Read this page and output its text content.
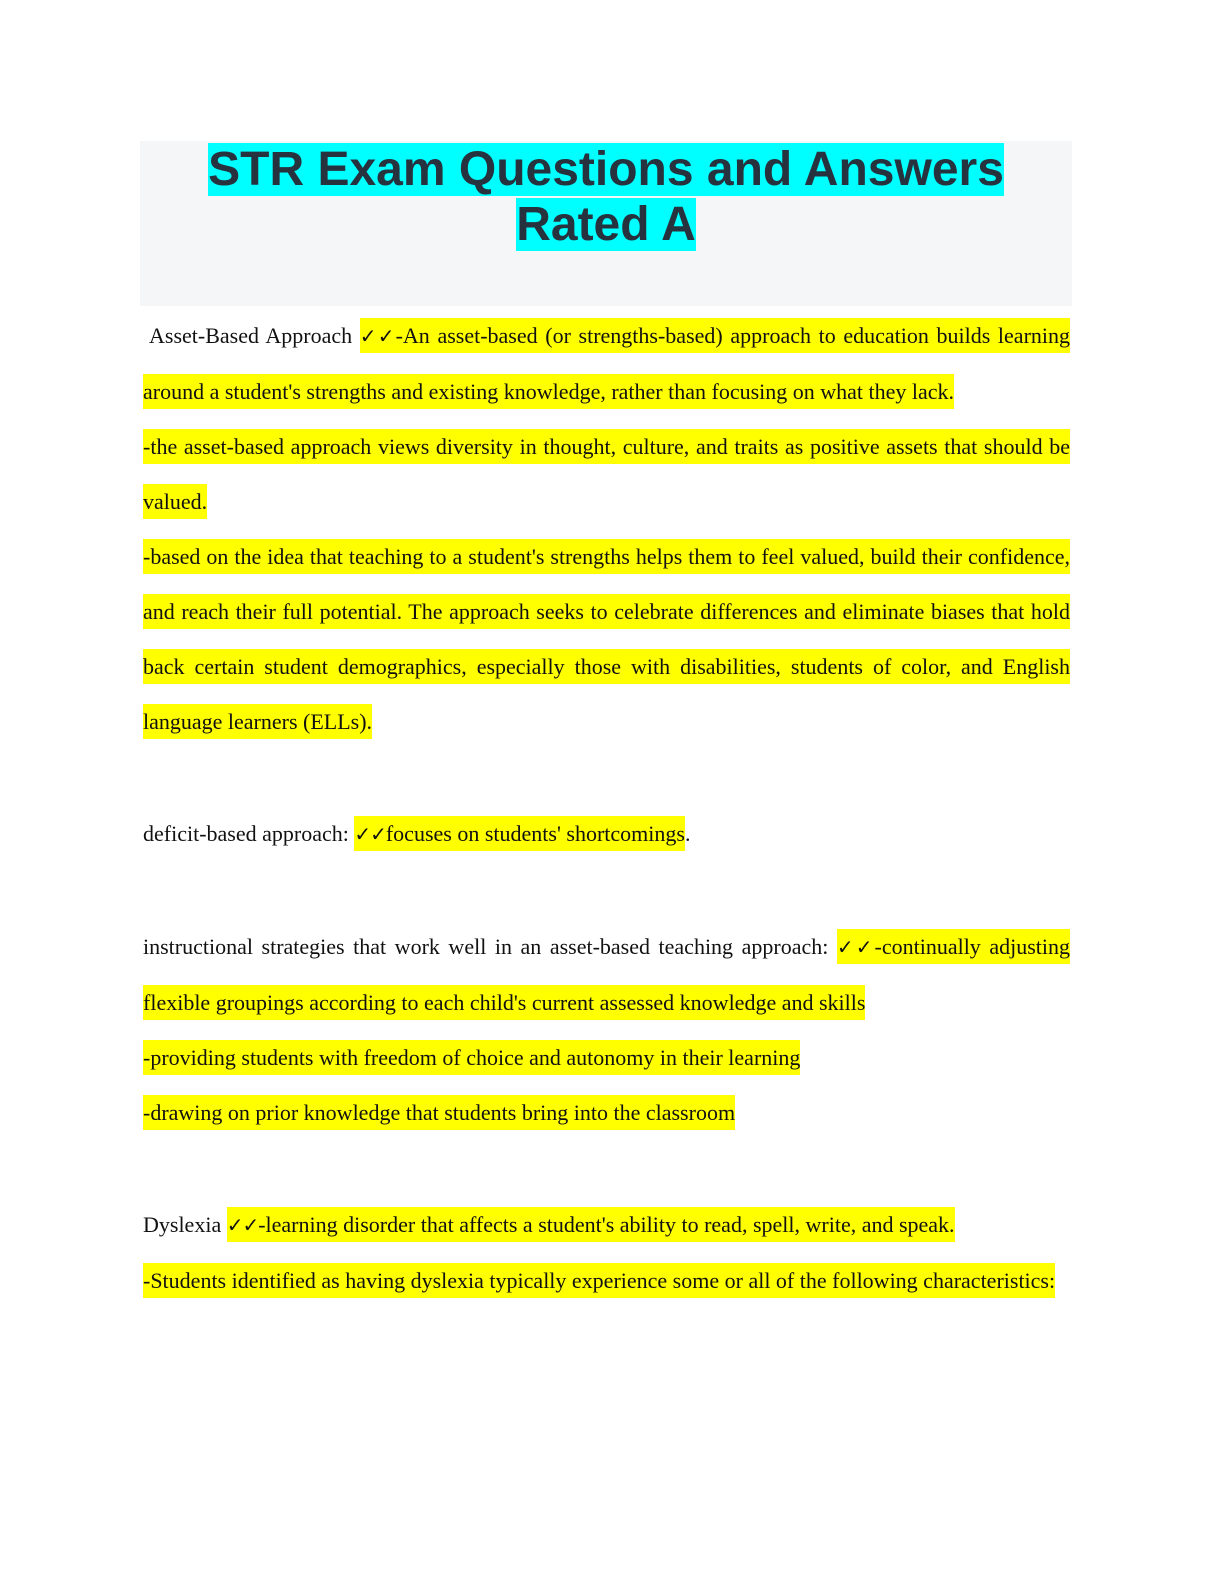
STR Exam Questions and Answers
Rated A

Asset-Based Approach ✓✓-An asset-based (or strengths-based) approach to education builds learning around a student's strengths and existing knowledge, rather than focusing on what they lack.

-the asset-based approach views diversity in thought, culture, and traits as positive assets that should be valued.

-based on the idea that teaching to a student's strengths helps them to feel valued, build their confidence, and reach their full potential. The approach seeks to celebrate differences and eliminate biases that hold back certain student demographics, especially those with disabilities, students of color, and English language learners (ELLs).

deficit-based approach: ✓✓focuses on students' shortcomings.

instructional strategies that work well in an asset-based teaching approach: ✓✓-continually adjusting flexible groupings according to each child's current assessed knowledge and skills

-providing students with freedom of choice and autonomy in their learning

-drawing on prior knowledge that students bring into the classroom

Dyslexia ✓✓-learning disorder that affects a student's ability to read, spell, write, and speak.

-Students identified as having dyslexia typically experience some or all of the following characteristics:
